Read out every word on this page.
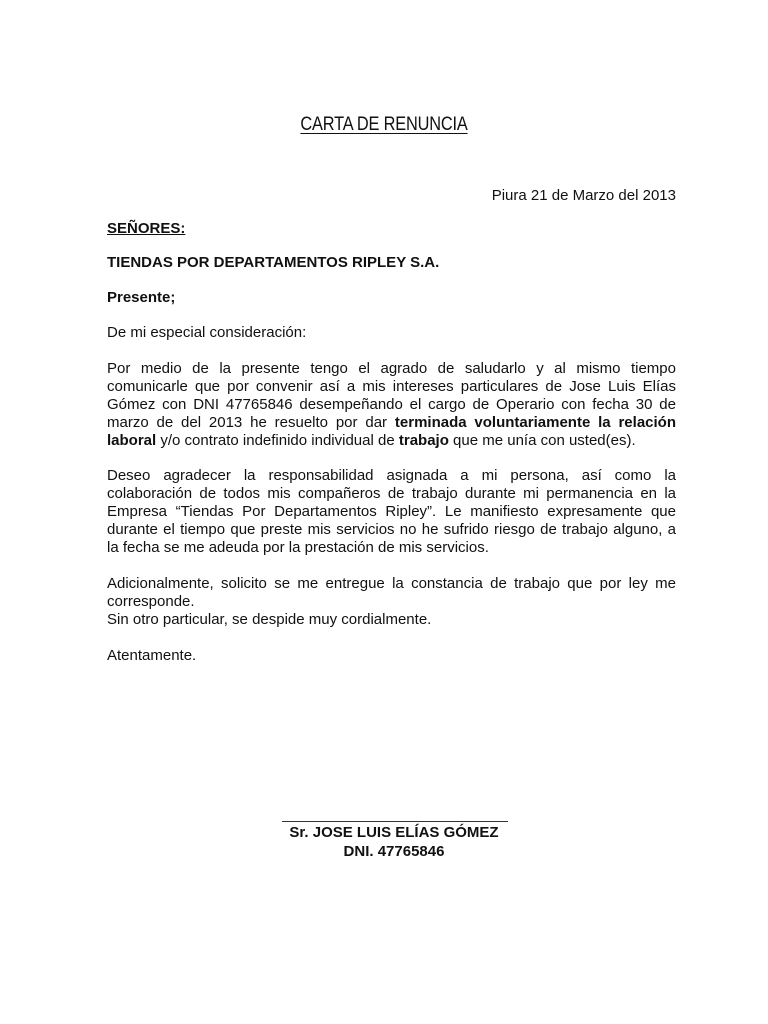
CARTA DE RENUNCIA
Piura 21 de Marzo del 2013
SEÑORES:
TIENDAS POR DEPARTAMENTOS RIPLEY S.A.
Presente;
De mi especial consideración:
Por medio de la presente tengo el agrado de saludarlo y al mismo tiempo comunicarle que por convenir así a mis intereses particulares de Jose Luis Elías Gómez con DNI 47765846 desempeñando el cargo de Operario con fecha 30 de marzo de del 2013 he resuelto por dar terminada voluntariamente la relación laboral y/o contrato indefinido individual de trabajo que me unía con usted(es).
Deseo agradecer la responsabilidad asignada a mi persona, así como la colaboración de todos mis compañeros de trabajo durante mi permanencia en la Empresa “Tiendas Por Departamentos Ripley”. Le manifiesto expresamente que durante el tiempo que preste mis servicios no he sufrido riesgo de trabajo alguno, a la fecha se me adeuda por la prestación de mis servicios.
Adicionalmente, solicito se me entregue la constancia de trabajo que por ley me corresponde.
Sin otro particular, se despide muy cordialmente.
Atentamente.
Sr. JOSE LUIS ELÍAS GÓMEZ
DNI. 47765846
